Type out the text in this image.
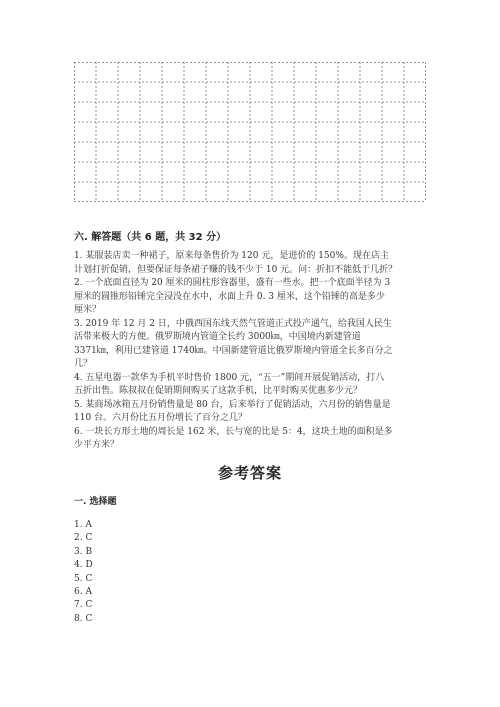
六. 解答题（共 6 题，共 32 分）

1. 某服装店卖一种裙子，原来每条售价为 120 元，是进价的 150%。现在店主

计划打折促销，但要保证每条裙子赚的钱不少于 10 元。问：折扣不能低于几折？

2. 一个底面直径为 20 厘米的圆柱形容器里，盛有一些水。把一个底面半径为 3

厘米的圆锥形铅锤完全浸没在水中，水面上升 0. 3 厘米，这个铅锤的高是多少

厘米？

3. 2019 年 12 月 2 日，中俄西国东线天然气管道正式投产通气，给我国人民生

活带来极大的方便。俄罗斯境内管道全长约 3000㎞，中国境内新建管道

3371㎞，利用已建管道 1740㎞。中国新建管道比俄罗斯境内管道全长多百分之

几？

4. 五星电器一款华为手机平时售价 1800 元，“五一”期间开展促销活动，打八

五折出售。陈叔叔在促销期间购买了这款手机，比平时购买优惠多少元？

5. 某商场冰箱五月份销售量是 80 台，后来举行了促销活动，六月份的销售量是

110 台。六月份比五月份增长了百分之几？

6. 一块长方形土地的周长是 162 米，长与宽的比是 5：4，这块土地的面积是多

少平方米？

参考答案
一. 选择题
1. A
2. C
3. B
4. D
5. C
6. A
7. C
8. C
